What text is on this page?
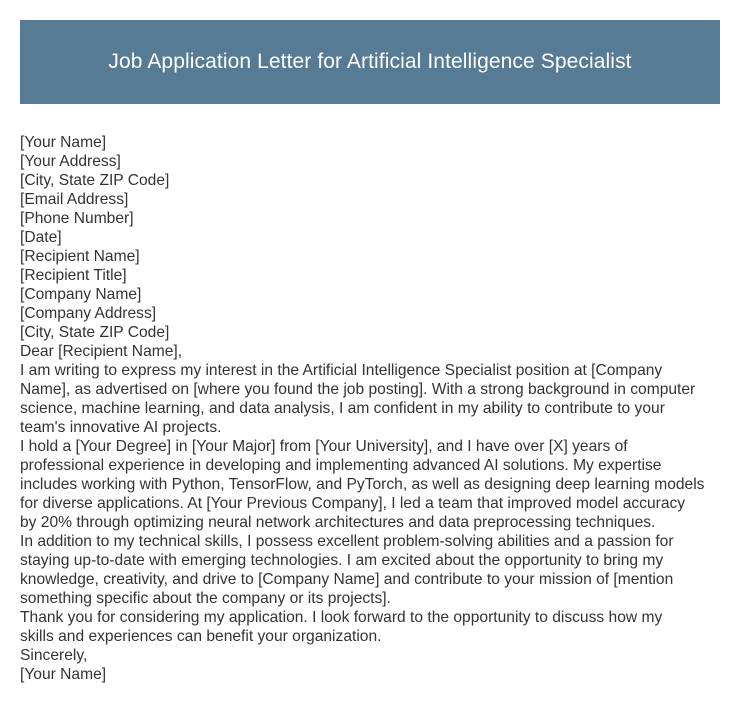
Job Application Letter for Artificial Intelligence Specialist
[Your Name]
[Your Address]
[City, State ZIP Code]
[Email Address]
[Phone Number]
[Date]
[Recipient Name]
[Recipient Title]
[Company Name]
[Company Address]
[City, State ZIP Code]
Dear [Recipient Name],
I am writing to express my interest in the Artificial Intelligence Specialist position at [Company
Name], as advertised on [where you found the job posting]. With a strong background in computer
science, machine learning, and data analysis, I am confident in my ability to contribute to your
team's innovative AI projects.
I hold a [Your Degree] in [Your Major] from [Your University], and I have over [X] years of
professional experience in developing and implementing advanced AI solutions. My expertise
includes working with Python, TensorFlow, and PyTorch, as well as designing deep learning models
for diverse applications. At [Your Previous Company], I led a team that improved model accuracy
by 20% through optimizing neural network architectures and data preprocessing techniques.
In addition to my technical skills, I possess excellent problem-solving abilities and a passion for
staying up-to-date with emerging technologies. I am excited about the opportunity to bring my
knowledge, creativity, and drive to [Company Name] and contribute to your mission of [mention
something specific about the company or its projects].
Thank you for considering my application. I look forward to the opportunity to discuss how my
skills and experiences can benefit your organization.
Sincerely,
[Your Name]
